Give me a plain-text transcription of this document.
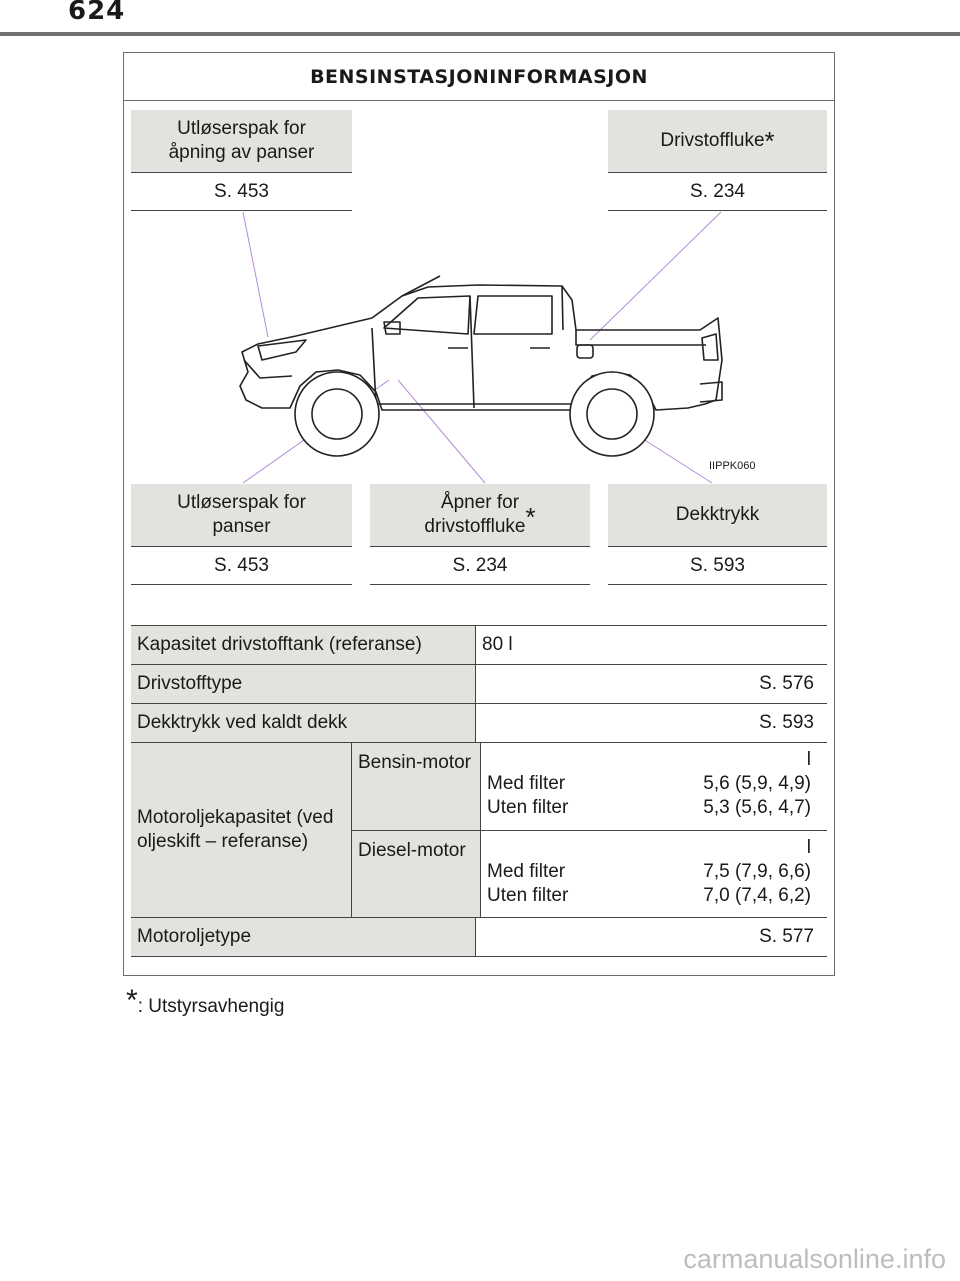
624
BENSINSTASJONINFORMASJON
Utløserspak for åpning av panser
S. 453
Drivstoffluke *
S. 234
IIPPK060
Utløserspak for panser
S. 453
Åpner for drivstoffluke*
S. 234
Dekktrykk
S. 593
Kapasitet drivstofftank (referanse)	80 l
Drivstofftype	S. 576
Dekktrykk ved kaldt dekk	S. 593
Motoroljekapasitet (ved oljeskift – referanse)
Bensin-motor	l
Med filter	5,6 (5,9, 4,9)
Uten filter	5,3 (5,6, 4,7)
Diesel-motor	l
Med filter	7,5 (7,9, 6,6)
Uten filter	7,0 (7,4, 6,2)
Motoroljetype	S. 577
*: Utstyrsavhengig
carmanualsonline.info
